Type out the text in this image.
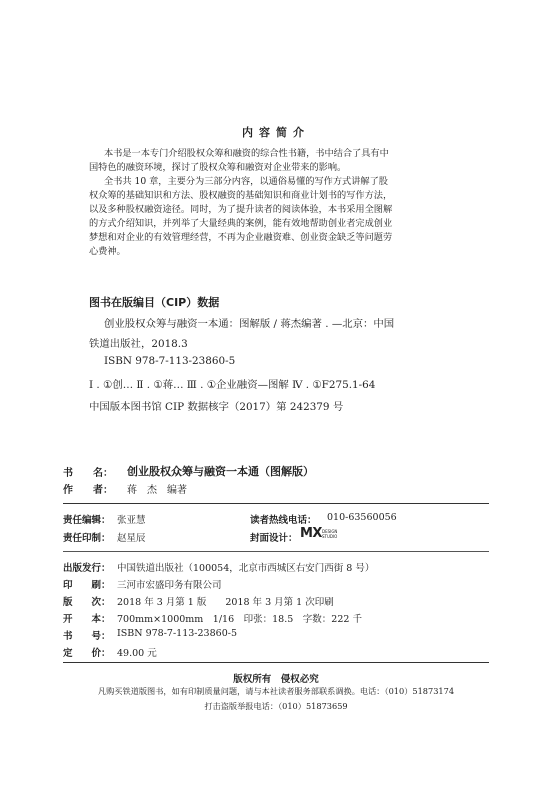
内容简介
本书是一本专门介绍股权众筹和融资的综合性书籍，书中结合了具有中
国特色的融资环境，探讨了股权众筹和融资对企业带来的影响。
全书共 10 章，主要分为三部分内容，以通俗易懂的写作方式讲解了股
权众筹的基础知识和方法、股权融资的基础知识和商业计划书的写作方法，
以及多种股权融资途径。同时，为了提升读者的阅读体验，本书采用全图解
的方式介绍知识，并列举了大量经典的案例，能有效地帮助创业者完成创业
梦想和对企业的有效管理经营，不再为企业融资难、创业资金缺乏等问题劳
心费神。
图书在版编目（CIP）数据
创业股权众筹与融资一本通：图解版 / 蒋杰编著 . —北京：中国
铁道出版社，2018.3
ISBN 978-7-113-23860-5
Ⅰ . ①创… Ⅱ . ①蒋… Ⅲ . ①企业融资—图解 Ⅳ . ①F275.1-64
中国版本图书馆 CIP 数据核字（2017）第 242379 号
书　　名： 创业股权众筹与融资一本通（图解版）
作　　者： 蒋　杰　编著
责任编辑： 张亚慧	读者热线电话： 010-63560056
责任印制： 赵星辰	封面设计： MX DESIGN
STUDIO
出版发行： 中国铁道出版社（100054，北京市西城区右安门西街 8 号）
印　　刷： 三河市宏盛印务有限公司
版　　次： 2018 年 3 月第 1 版　　2018 年 3 月第 1 次印刷
开　　本： 700mm×1000mm　1/16　印张：18.5　字数：222 千
书　　号： ISBN 978-7-113-23860-5
定　　价： 49.00 元
版权所有　侵权必究
凡购买铁道版图书，如有印制质量问题，请与本社读者服务部联系调换。电话：（010）51873174
打击盗版举报电话：（010）51873659
